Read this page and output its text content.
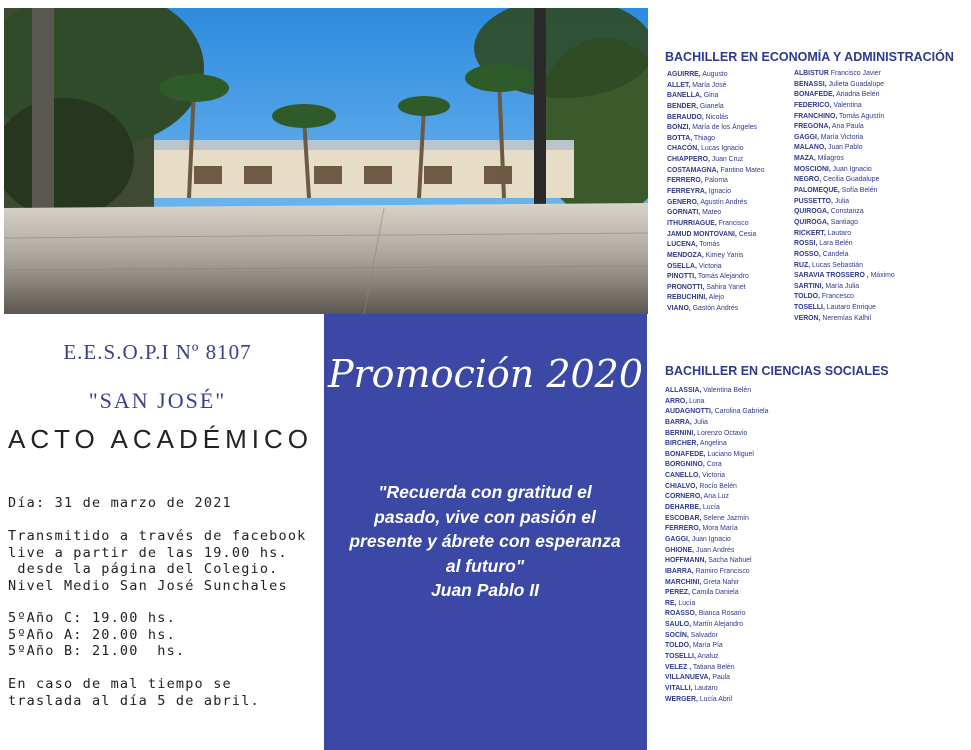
E.E.S.O.P.I Nº 8107
"SAN JOSÉ"
ACTO ACADÉMICO
Día: 31 de marzo de 2021
Transmitido a través de facebook
live a partir de las 19.00 hs.
desde la página del Colegio.
Nivel Medio San José Sunchales
5ºAño C: 19.00 hs.
5ºAño A: 20.00 hs.
5ºAño B: 21.00  hs.
En caso de mal tiempo se
traslada al día 5 de abril.
Promoción 2020
"Recuerda con gratitud el
pasado, vive con pasión el
presente y ábrete con esperanza
al futuro"
Juan Pablo II
BACHILLER EN ECONOMÍA Y ADMINISTRACIÓN
AGUIRRE, Augusto
ALLET, María José
BANELLA, Gina
BENDER, Gianela
BERAUDO, Nicolás
BONZI, María de los Ángeles
BOTTA, Thiago
CHACÓN, Lucas Ignacio
CHIAPPERO, Juan Cruz
COSTAMAGNA, Fantino Mateo
FERRERO, Paloma
FERREYRA, Ignacio
GENERO, Agustín Andrés
GORNATI, Mateo
ITHURRIAGUE, Francisco
JAMUD MONTOVANI, Cesia
LUCENA, Tomás
MENDOZA, Kimey Yanis
OSELLA, Victoria
PINOTTI, Tomás Alejandro
PRONOTTI, Sahira Yanet
REBUCHINI, Alejo
VIANO, Gastón Andrés
ALBISTUR Francisco Javier
BENASSI, Julieta Guadalupe
BONAFEDE, Ariadna Belén
FEDERICO, Valentina
FRANCHINO, Tomás Agustín
FREGONA, Ana Paula
GAGGI, María Victoria
MALANO, Juan Pablo
MAZA, Milagros
MOSCIONI, Juan Ignacio
NEGRO, Cecilia Guadalupe
PALOMEQUE, Sofía Belén
PUSSETTO, Julia
QUIROGA, Constanza
QUIROGA, Santiago
RICKERT, Lautaro
ROSSI, Lara Belén
ROSSO, Candela
RUZ, Lucas Sebastián
SARAVIA TROSSERO , Máximo
SARTINI, María Julia
TOLDO, Francesco
TOSELLI, Lautaro Enrique
VERON, Neremías Kalhil
BACHILLER EN CIENCIAS SOCIALES
ALLASSIA, Valentina Belén
ARRO, Luna
AUDAGNOTTI, Carolina Gabriela
BARRA, Julia
BERNINI, Lorenzo Octavio
BIRCHER, Angelina
BONAFEDE, Luciano Miguel
BORGNINO, Cora
CANELLO, Victoria
CHIALVO, Rocío Belén
CORNERO, Ana Luz
DEHARBE, Lucía
ESCOBAR, Selene Jazmín
FERRERO, Mora María
GAGGI, Juan Ignacio
GHIONE, Juan Andrés
HOFFMANN, Sacha Nahuel
IBARRA, Ramiro Francisco
MARCHINI, Greta Nahir
PEREZ, Camila Daniela
RE, Lucía
ROASSO, Bianca Rosario
SAULO, Martín Alejandro
SOCÍN, Salvador
TOLDO, María Pía
TOSELLI, Analuz
VELEZ , Tatiana Belén
VILLANUEVA, Paula
VITALLI, Lautaro
WERGER, Lucía Abril
